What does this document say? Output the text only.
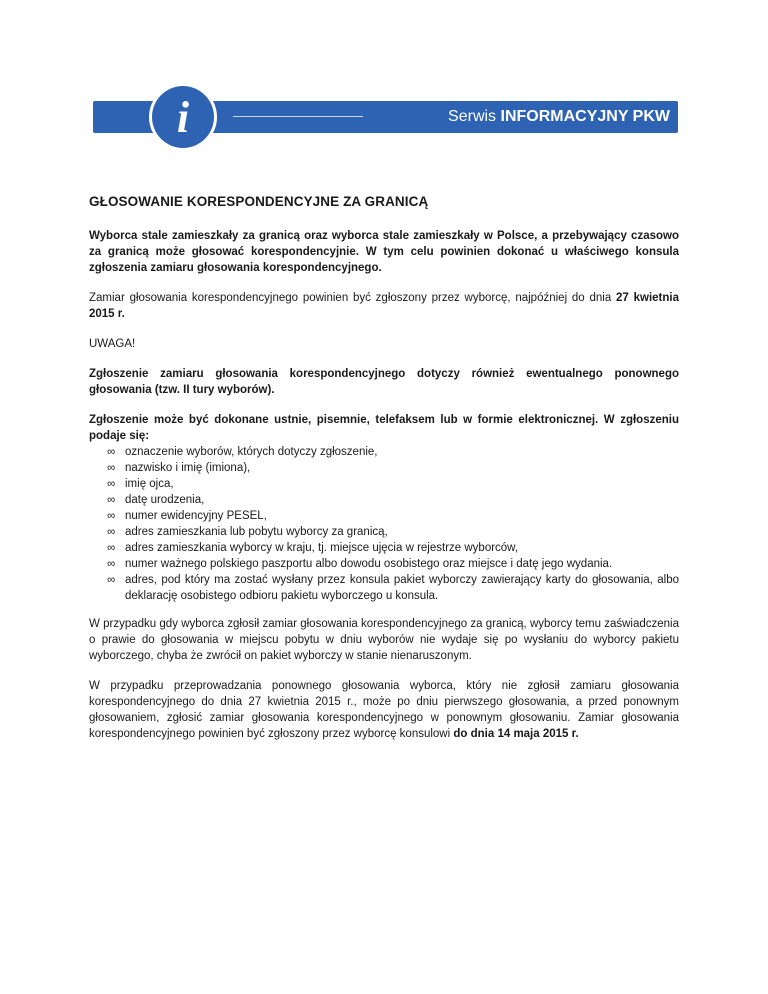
Serwis INFORMACYJNY PKW
i
GŁOSOWANIE KORESPONDENCYJNE ZA GRANICĄ

Wyborca stale zamieszkały za granicą oraz wyborca stale zamieszkały w Polsce, a przebywający czasowo za granicą może głosować korespondencyjnie. W tym celu powinien dokonać u właściwego konsula zgłoszenia zamiaru głosowania korespondencyjnego.

Zamiar głosowania korespondencyjnego powinien być zgłoszony przez wyborcę, najpóźniej do dnia 27 kwietnia 2015 r.

UWAGA!

Zgłoszenie zamiaru głosowania korespondencyjnego dotyczy również ewentualnego ponownego głosowania (tzw. II tury wyborów).

Zgłoszenie może być dokonane ustnie, pisemnie, telefaksem lub w formie elektronicznej. W zgłoszeniu podaje się:

∞ oznaczenie wyborów, których dotyczy zgłoszenie,
∞ nazwisko i imię (imiona),
∞ imię ojca,
∞ datę urodzenia,
∞ numer ewidencyjny PESEL,
∞ adres zamieszkania lub pobytu wyborcy za granicą,
∞ adres zamieszkania wyborcy w kraju, tj. miejsce ujęcia w rejestrze wyborców,
∞ numer ważnego polskiego paszportu albo dowodu osobistego oraz miejsce i datę jego wydania.
∞ adres, pod który ma zostać wysłany przez konsula pakiet wyborczy zawierający karty do głosowania, albo deklarację osobistego odbioru pakietu wyborczego u konsula.

W przypadku gdy wyborca zgłosił zamiar głosowania korespondencyjnego za granicą, wyborcy temu zaświadczenia o prawie do głosowania w miejscu pobytu w dniu wyborów nie wydaje się po wysłaniu do wyborcy pakietu wyborczego, chyba że zwrócił on pakiet wyborczy w stanie nienaruszonym.

W przypadku przeprowadzania ponownego głosowania wyborca, który nie zgłosił zamiaru głosowania korespondencyjnego do dnia 27 kwietnia 2015 r., może po dniu pierwszego głosowania, a przed ponownym głosowaniem, zgłosić zamiar głosowania korespondencyjnego w ponownym głosowaniu. Zamiar głosowania korespondencyjnego powinien być zgłoszony przez wyborcę konsulowi do dnia 14 maja 2015 r.
